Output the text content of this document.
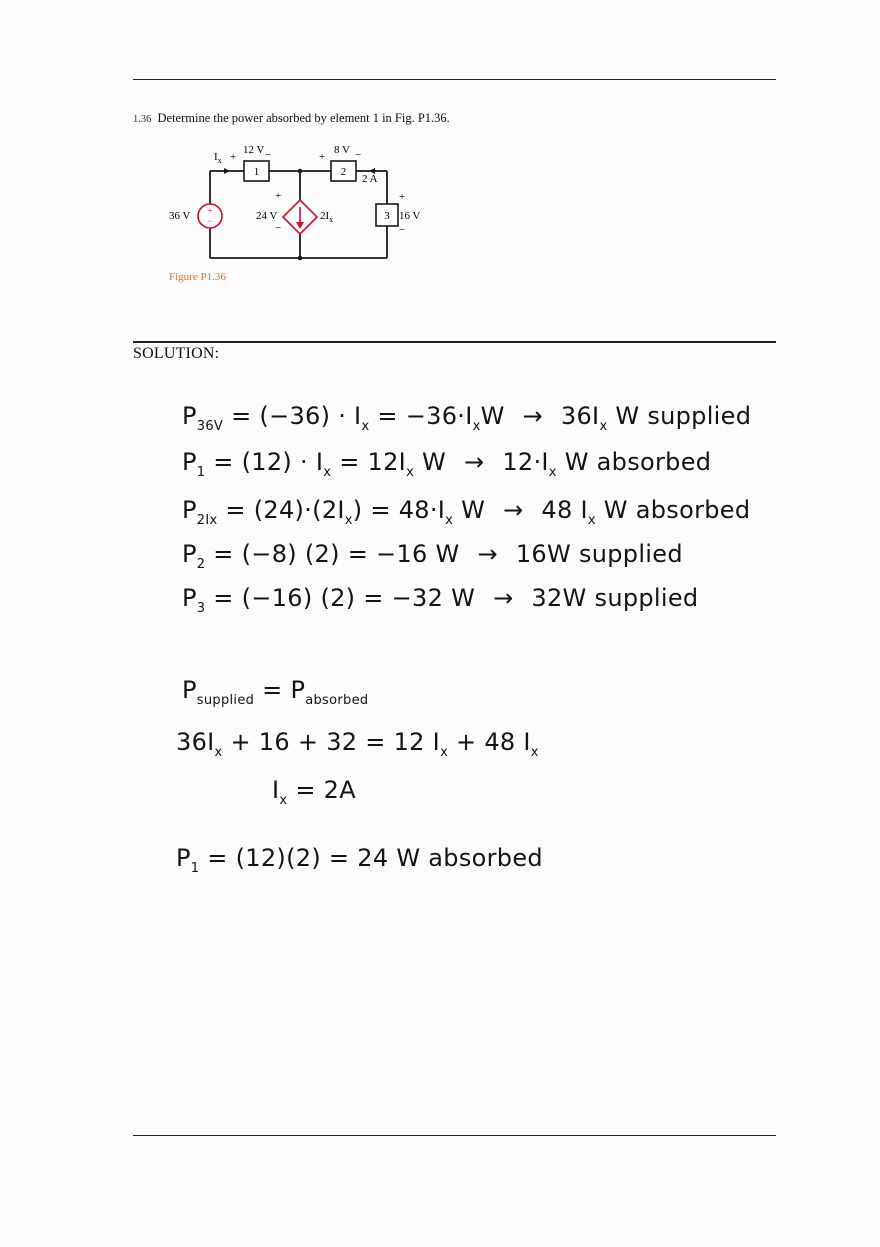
1.36 Determine the power absorbed by element 1 in Fig. P1.36.
1	2
3
+
−
$I_x$ +
12 V −	+
8 V −
2 A
36 V
+
24 V
−
$2I_x$
+
16 V
−
Figure P1.36
SOLUTION:
$P_{36V} = (-36) \cdot I_x = -36\cdot I_xW \to 36I_x$ W supplied
$P_1 = (12) \cdot I_x = 12I_x$ $W \to 12\cdot I_x$ W absorbed
$P_{2Ix} = (24)\cdot(2I_x) = 48\cdot I_x$ W → 48 $I_x$ W absorbed
$P_2 = (-8) (2) = -16$ W → 16W supplied
$P_3 = (-16) (2) = -32$ W → 32W supplied
$P_{supplied} = P_{absorbed}$
$36I_x + 16 + 32 = 12$ $I_x + 48$ $I_x$
$I_x = 2A$
$P_1 = (12)(2) = 24$ W absorbed
